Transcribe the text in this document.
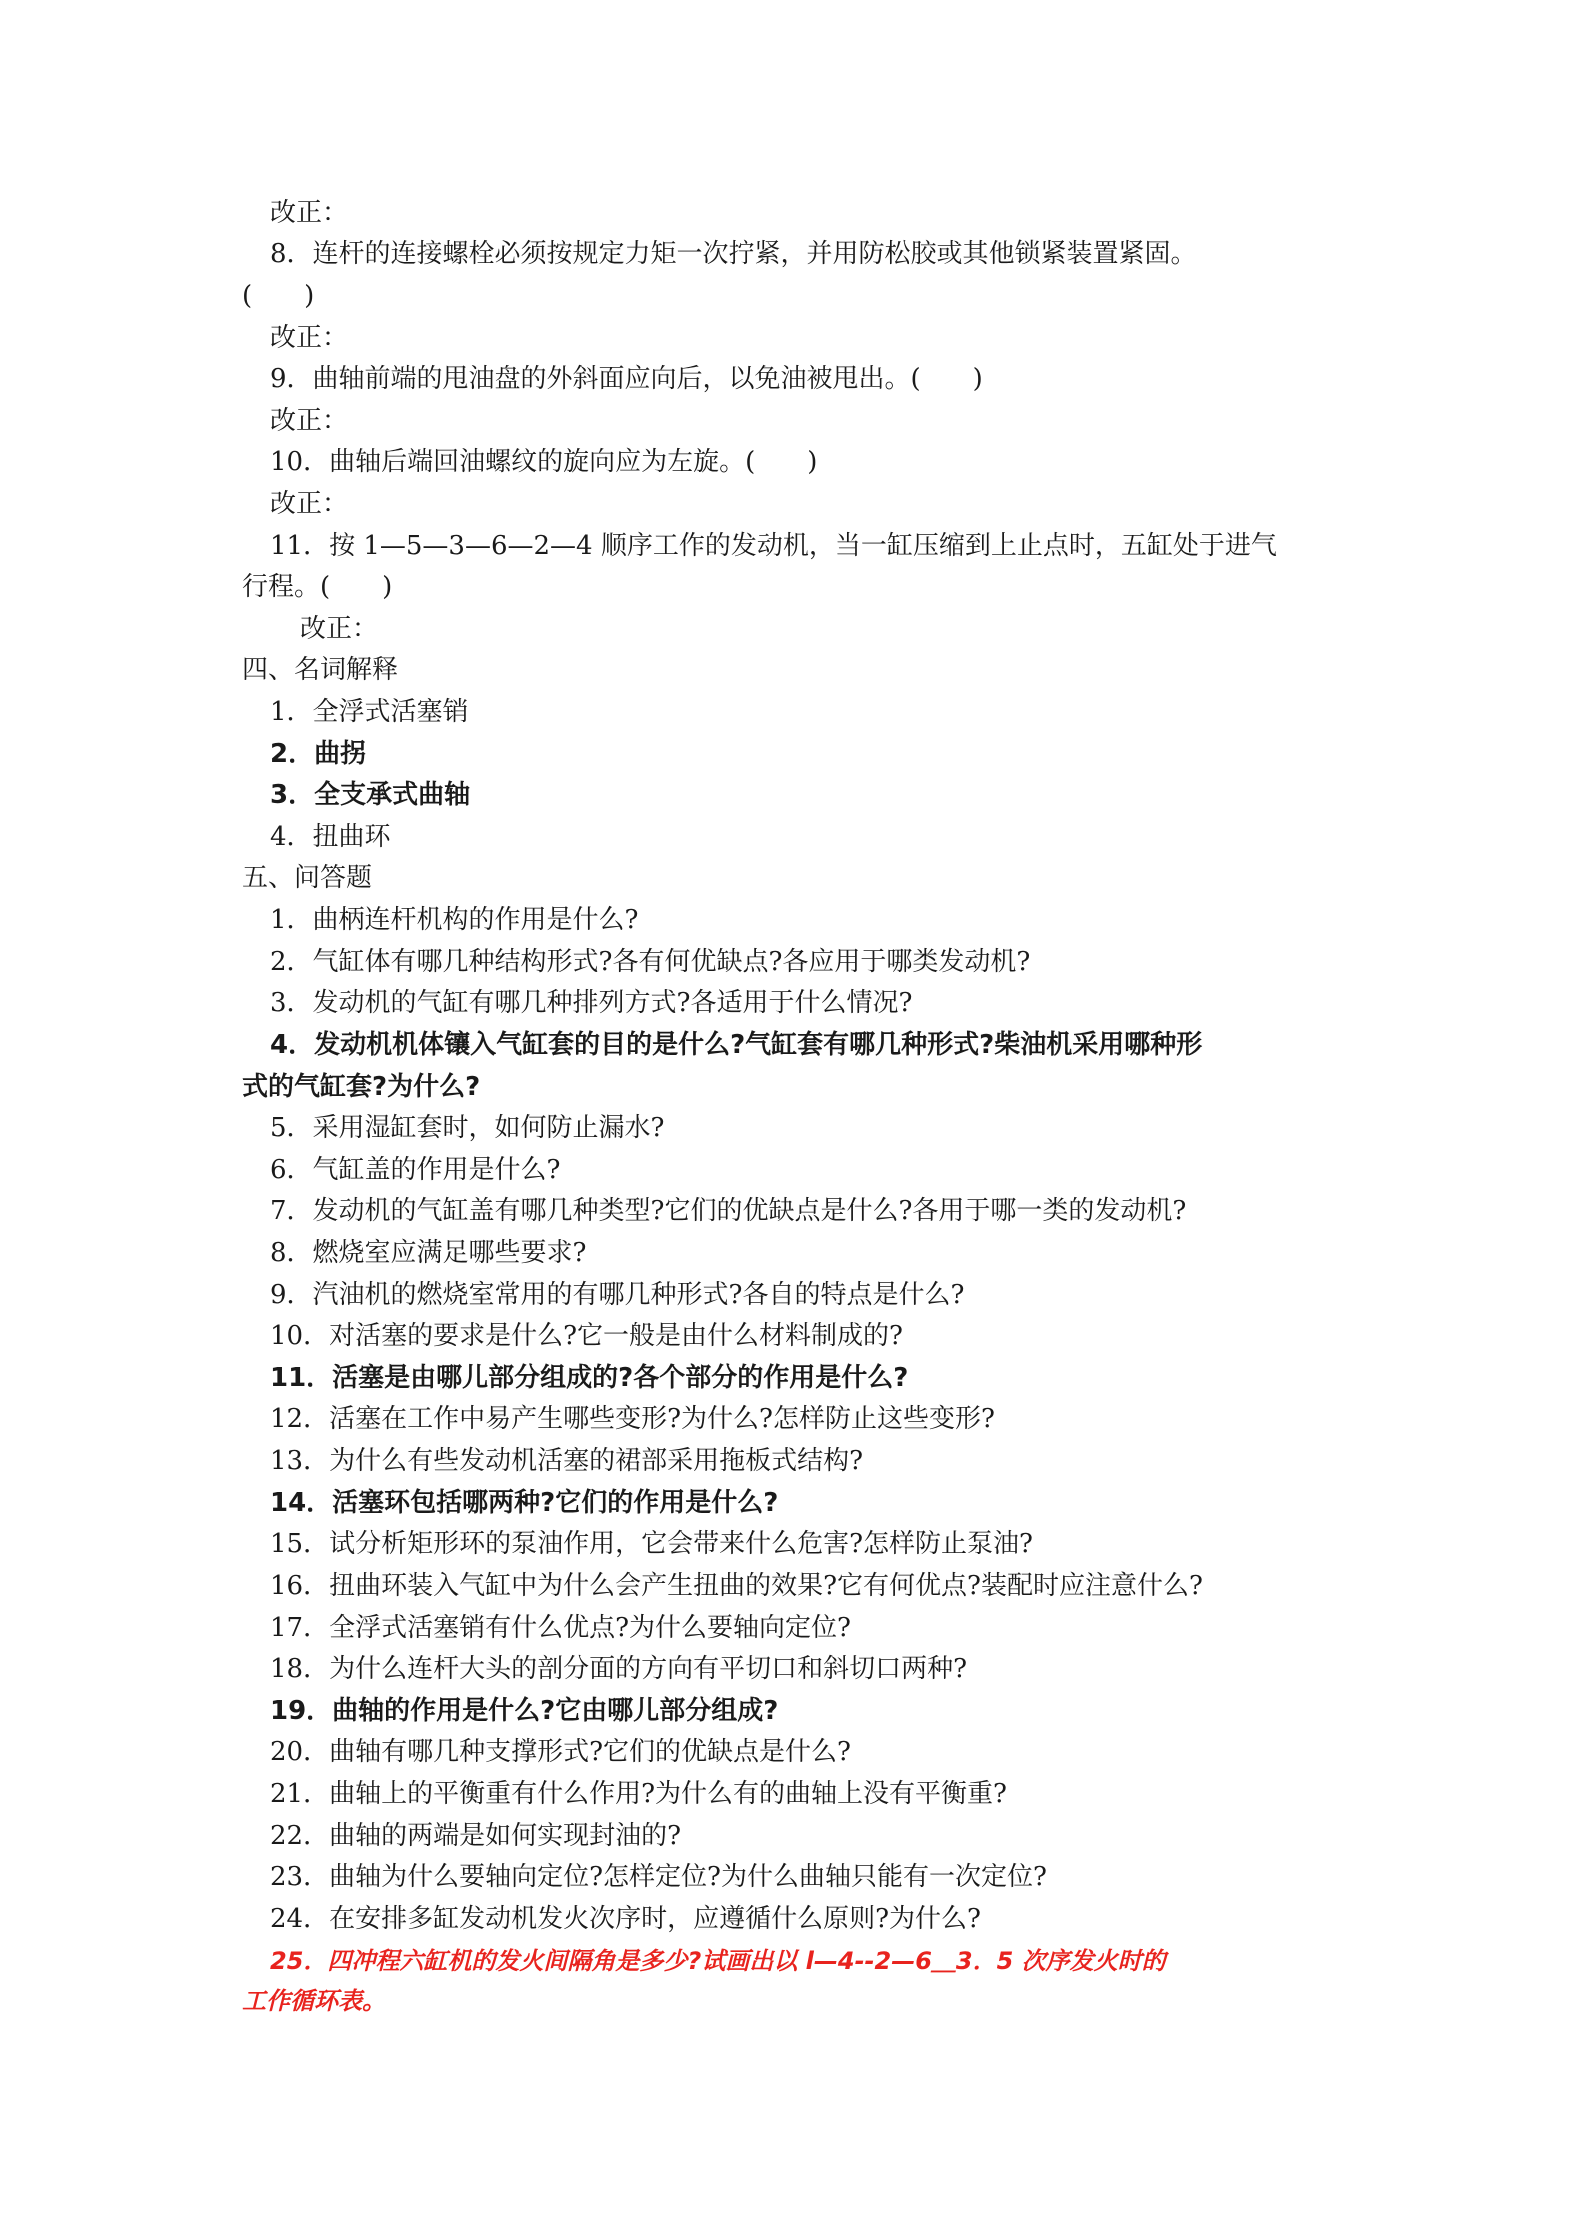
改正：
8．连杆的连接螺栓必须按规定力矩一次拧紧，并用防松胶或其他锁紧装置紧固。
(　　)
改正：
9．曲轴前端的甩油盘的外斜面应向后，以免油被甩出。(　　)
改正：
10．曲轴后端回油螺纹的旋向应为左旋。(　　)
改正：
11．按 1—5—3—6—2—4 顺序工作的发动机，当一缸压缩到上止点时，五缸处于进气
行程。(　　)
改正：
四、名词解释
1．全浮式活塞销
2．曲拐
3．全支承式曲轴
4．扭曲环
五、问答题
1．曲柄连杆机构的作用是什么?
2．气缸体有哪几种结构形式?各有何优缺点?各应用于哪类发动机?
3．发动机的气缸有哪几种排列方式?各适用于什么情况?
4．发动机机体镶入气缸套的目的是什么?气缸套有哪几种形式?柴油机采用哪种形
式的气缸套?为什么?
5．采用湿缸套时，如何防止漏水?
6．气缸盖的作用是什么?
7．发动机的气缸盖有哪几种类型?它们的优缺点是什么?各用于哪一类的发动机?
8．燃烧室应满足哪些要求?
9．汽油机的燃烧室常用的有哪几种形式?各自的特点是什么?
10．对活塞的要求是什么?它一般是由什么材料制成的?
11．活塞是由哪儿部分组成的?各个部分的作用是什么?
12．活塞在工作中易产生哪些变形?为什么?怎样防止这些变形?
13．为什么有些发动机活塞的裙部采用拖板式结构?
14．活塞环包括哪两种?它们的作用是什么?
15．试分析矩形环的泵油作用，它会带来什么危害?怎样防止泵油?
16．扭曲环装入气缸中为什么会产生扭曲的效果?它有何优点?装配时应注意什么?
17．全浮式活塞销有什么优点?为什么要轴向定位?
18．为什么连杆大头的剖分面的方向有平切口和斜切口两种?
19．曲轴的作用是什么?它由哪儿部分组成?
20．曲轴有哪几种支撑形式?它们的优缺点是什么?
21．曲轴上的平衡重有什么作用?为什么有的曲轴上没有平衡重?
22．曲轴的两端是如何实现封油的?
23．曲轴为什么要轴向定位?怎样定位?为什么曲轴只能有一次定位?
24．在安排多缸发动机发火次序时，应遵循什么原则?为什么?
25．四冲程六缸机的发火间隔角是多少?试画出以 l—4--2—6＿3．5 次序发火时的
工作循环表。
